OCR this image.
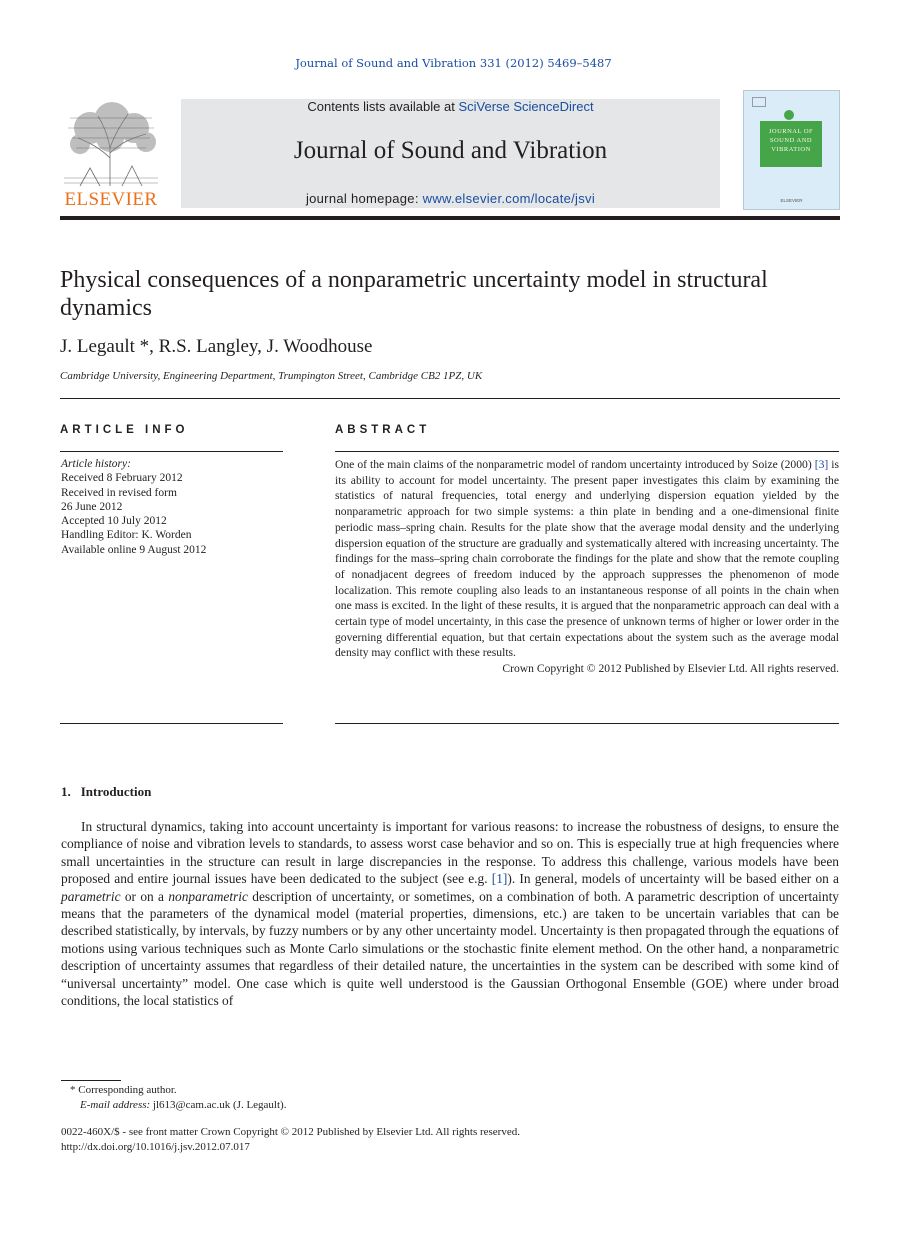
Journal of Sound and Vibration 331 (2012) 5469–5487
ELSEVIER
Contents lists available at SciVerse ScienceDirect
Journal of Sound and Vibration
journal homepage: www.elsevier.com/locate/jsvi
JOURNAL OF SOUND AND VIBRATION
ELSEVIER
Physical consequences of a nonparametric uncertainty model in structural dynamics
J. Legault *, R.S. Langley, J. Woodhouse
Cambridge University, Engineering Department, Trumpington Street, Cambridge CB2 1PZ, UK
ARTICLE INFO
Article history:
Received 8 February 2012
Received in revised form
26 June 2012
Accepted 10 July 2012
Handling Editor: K. Worden
Available online 9 August 2012
ABSTRACT
One of the main claims of the nonparametric model of random uncertainty introduced by Soize (2000) [3] is its ability to account for model uncertainty. The present paper investigates this claim by examining the statistics of natural frequencies, total energy and underlying dispersion equation yielded by the nonparametric approach for two simple systems: a thin plate in bending and a one-dimensional finite periodic mass–spring chain. Results for the plate show that the average modal density and the underlying dispersion equation of the structure are gradually and systematically altered with increasing uncertainty. The findings for the mass–spring chain corroborate the findings for the plate and show that the remote coupling of nonadjacent degrees of freedom induced by the approach suppresses the phenomenon of mode localization. This remote coupling also leads to an instantaneous response of all points in the chain when one mass is excited. In the light of these results, it is argued that the nonparametric approach can deal with a certain type of model uncertainty, in this case the presence of unknown terms of higher or lower order in the governing differential equation, but that certain expectations about the system such as the average modal density may conflict with these results.
Crown Copyright © 2012 Published by Elsevier Ltd. All rights reserved.
1. Introduction
In structural dynamics, taking into account uncertainty is important for various reasons: to increase the robustness of designs, to ensure the compliance of noise and vibration levels to standards, to assess worst case behavior and so on. This is especially true at high frequencies where small uncertainties in the structure can result in large discrepancies in the response. To address this challenge, various models have been proposed and entire journal issues have been dedicated to the subject (see e.g. [1]). In general, models of uncertainty will be based either on a parametric or on a nonparametric description of uncertainty, or sometimes, on a combination of both. A parametric description of uncertainty means that the parameters of the dynamical model (material properties, dimensions, etc.) are taken to be uncertain variables that can be described statistically, by intervals, by fuzzy numbers or by any other uncertainty model. Uncertainty is then propagated through the equations of motions using various techniques such as Monte Carlo simulations or the stochastic finite element method. On the other hand, a nonparametric description of uncertainty assumes that regardless of their detailed nature, the uncertainties in the system can be described with some kind of “universal uncertainty” model. One case which is quite well understood is the Gaussian Orthogonal Ensemble (GOE) where under broad conditions, the local statistics of
* Corresponding author.
E-mail address: jl613@cam.ac.uk (J. Legault).
0022-460X/$ - see front matter Crown Copyright © 2012 Published by Elsevier Ltd. All rights reserved.
http://dx.doi.org/10.1016/j.jsv.2012.07.017
